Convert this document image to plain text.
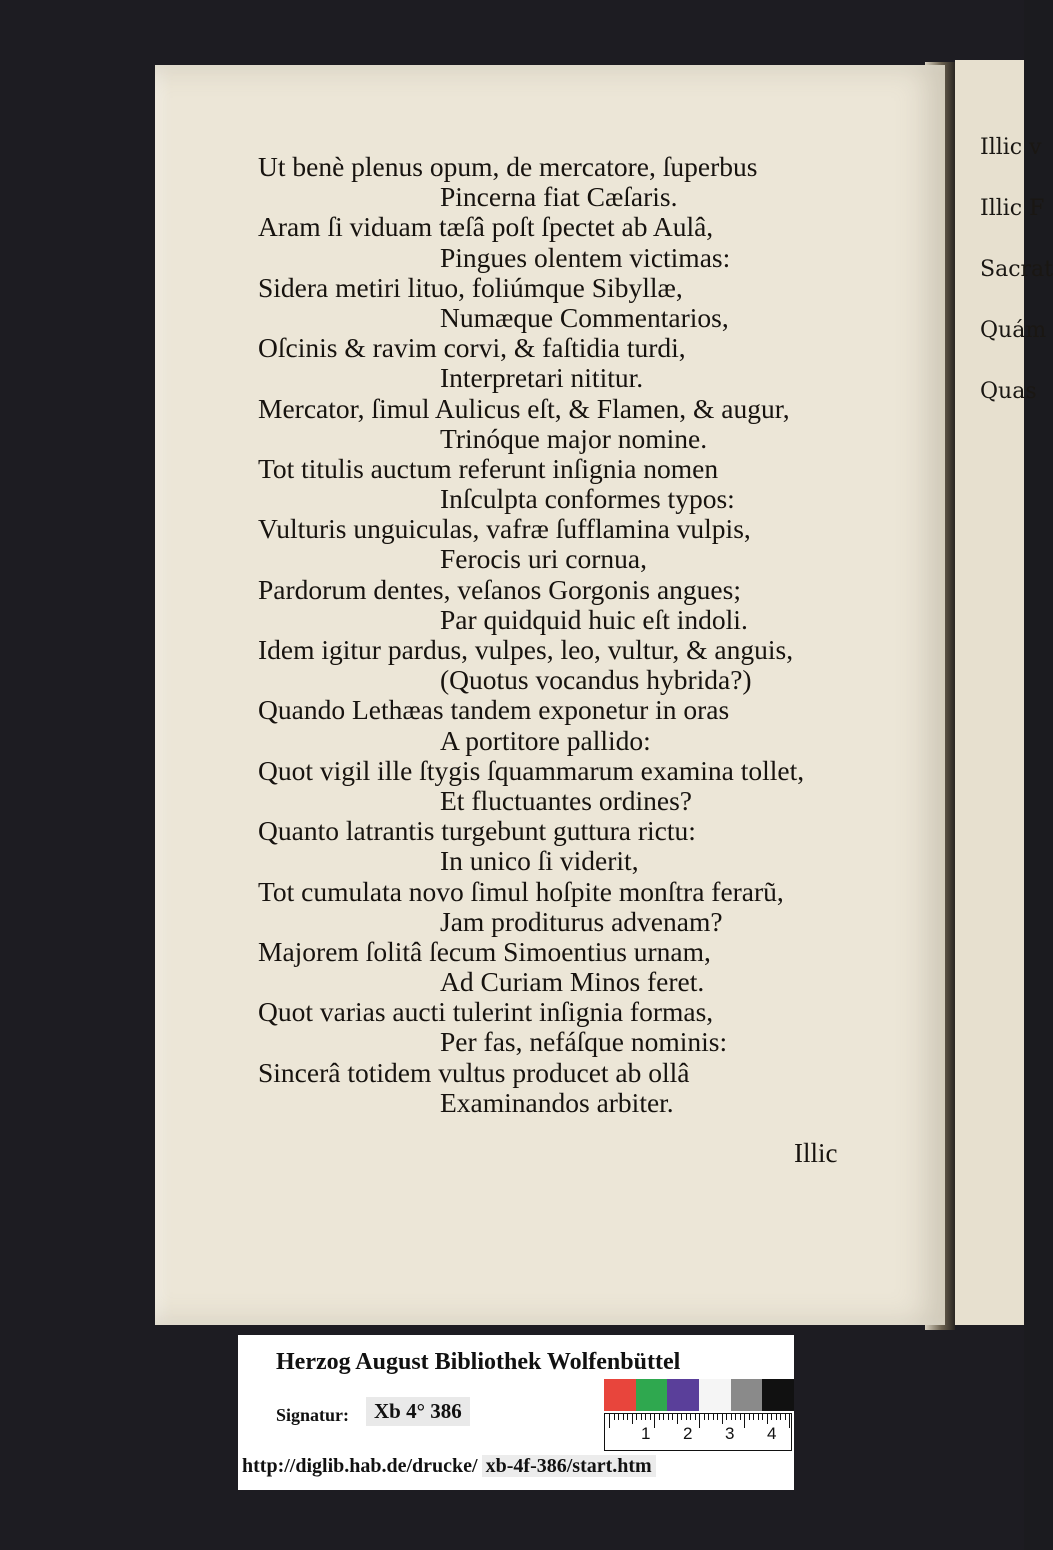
Illic v
Illic F
Sacrat
Quám
Quas
Ut benè plenus opum, de mercatore, ſuperbus
Pincerna fiat Cæſaris.
Aram ſi viduam tæſâ poſt ſpectet ab Aulâ,
Pingues olentem victimas:
Sidera metiri lituo, foliúmque Sibyllæ,
Numæque Commentarios,
Oſcinis & ravim corvi, & faſtidia turdi,
Interpretari nititur.
Mercator, ſimul Aulicus eſt, & Flamen, & augur,
Trinóque major nomine.
Tot titulis auctum referunt inſignia nomen
Inſculpta conformes typos:
Vulturis unguiculas, vafræ ſufflamina vulpis,
Ferocis uri cornua,
Pardorum dentes, veſanos Gorgonis angues;
Par quidquid huic eſt indoli.
Idem igitur pardus, vulpes, leo, vultur, & anguis,
(Quotus vocandus hybrida?)
Quando Lethæas tandem exponetur in oras
A portitore pallido:
Quot vigil ille ſtygis ſquammarum examina tollet,
Et fluctuantes ordines?
Quanto latrantis turgebunt guttura rictu:
In unico ſi viderit,
Tot cumulata novo ſimul hoſpite monſtra ferarũ,
Jam proditurus advenam?
Majorem ſolitâ ſecum Simoentius urnam,
Ad Curiam Minos feret.
Quot varias aucti tulerint inſignia formas,
Per fas, nefáſque nominis:
Sincerâ totidem vultus producet ab ollâ
Examinandos arbiter.
Illic
Herzog August Bibliothek Wolfenbüttel
Signatur:	Xb 4° 386
1 2 3 4
http://diglib.hab.de/drucke/ xb-4f-386/start.htm
